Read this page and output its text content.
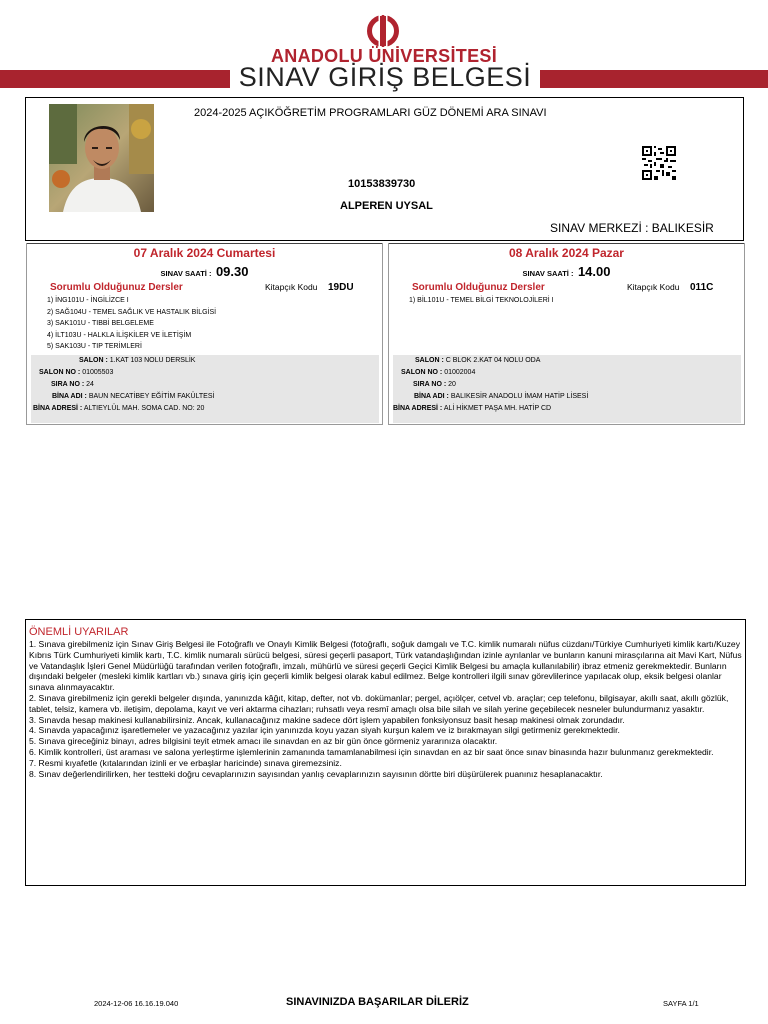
ANADOLU ÜNİVERSİTESİ
SINAV GİRİŞ BELGESİ
2024-2025 AÇIKÖĞRETİM PROGRAMLARI GÜZ DÖNEMİ ARA SINAVI
10153839730
ALPEREN UYSAL
SINAV MERKEZİ : BALIKESİR
07 Aralık 2024 Cumartesi
SINAV SAATİ : 09.30
Sorumlu Olduğunuz Dersler	Kitapçık Kodu 19DU
1) İNG101U - İNGİLİZCE I
2) SAĞ104U - TEMEL SAĞLIK VE HASTALIK BİLGİSİ
3) SAK101U - TIBBİ BELGELEME
4) İLT103U - HALKLA İLİŞKİLER VE İLETİŞİM
5) SAK103U - TIP TERİMLERİ
SALON : 1.KAT 103 NOLU DERSLİK
SALON NO : 01005503
SIRA NO : 24
BİNA ADI : BAUN NECATİBEY EĞİTİM FAKÜLTESİ
BİNA ADRESİ : ALTIEYLÜL MAH. SOMA CAD. NO: 20
08 Aralık 2024 Pazar
SINAV SAATİ : 14.00
Sorumlu Olduğunuz Dersler	Kitapçık Kodu 011C
1) BİL101U - TEMEL BİLGİ TEKNOLOJİLERİ I
SALON : C BLOK 2.KAT 04 NOLU ODA
SALON NO : 01002004
SIRA NO : 20
BİNA ADI : BALIKESİR ANADOLU İMAM HATİP LİSESİ
BİNA ADRESİ : ALİ HİKMET PAŞA MH. HATİP CD
ÖNEMLİ UYARILAR
1. Sınava girebilmeniz için Sınav Giriş Belgesi ile Fotoğraflı ve Onaylı Kimlik Belgesi (fotoğraflı, soğuk damgalı ve T.C. kimlik numaralı nüfus cüzdanı/Türkiye Cumhuriyeti kimlik kartı/Kuzey Kıbrıs Türk Cumhuriyeti kimlik kartı, T.C. kimlik numaralı sürücü belgesi, süresi geçerli pasaport, Türk vatandaşlığından izinle ayrılanlar ve bunların kanuni mirasçılarına ait Mavi Kart, Nüfus ve Vatandaşlık İşleri Genel Müdürlüğü tarafından verilen fotoğraflı, imzalı, mühürlü ve süresi geçerli Geçici Kimlik Belgesi bu amaçla kullanılabilir) ibraz etmeniz gerekmektedir. Bunların dışındaki belgeler (mesleki kimlik kartları vb.) sınava giriş için geçerli kimlik belgesi olarak kabul edilmez. Belge kontrolleri ilgili sınav görevlilerince yapılacak olup, eksik belgesi olanlar sınava alınmayacaktır.
2. Sınava girebilmeniz için gerekli belgeler dışında, yanınızda kâğıt, kitap, defter, not vb. dokümanlar; pergel, açıölçer, cetvel vb. araçlar; cep telefonu, bilgisayar, akıllı saat, akıllı gözlük, tablet, telsiz, kamera vb. iletişim, depolama, kayıt ve veri aktarma cihazları; ruhsatlı veya resmî amaçlı olsa bile silah ve silah yerine geçebilecek nesneler bulundurmanız yasaktır.
3. Sınavda hesap makinesi kullanabilirsiniz. Ancak, kullanacağınız makine sadece dört işlem yapabilen fonksiyonsuz basit hesap makinesi olmak zorundadır.
4. Sınavda yapacağınız işaretlemeler ve yazacağınız yazılar için yanınızda koyu yazan siyah kurşun kalem ve iz bırakmayan silgi getirmeniz gerekmektedir.
5. Sınava gireceğiniz binayı, adres bilgisini teyit etmek amacı ile sınavdan en az bir gün önce görmeniz yararınıza olacaktır.
6. Kimlik kontrolleri, üst araması ve salona yerleştirme işlemlerinin zamanında tamamlanabilmesi için sınavdan en az bir saat önce sınav binasında hazır bulunmanız gerekmektedir.
7. Resmi kıyafetle (kıtalarından izinli er ve erbaşlar haricinde) sınava giremezsiniz.
8. Sınav değerlendirilirken, her testteki doğru cevaplarınızın sayısından yanlış cevaplarınızın sayısının dörtte biri düşürülerek puanınız hesaplanacaktır.
2024-12-06 16.16.19.040	SINAVINIZDA BAŞARILAR DİLERİZ	SAYFA 1/1
